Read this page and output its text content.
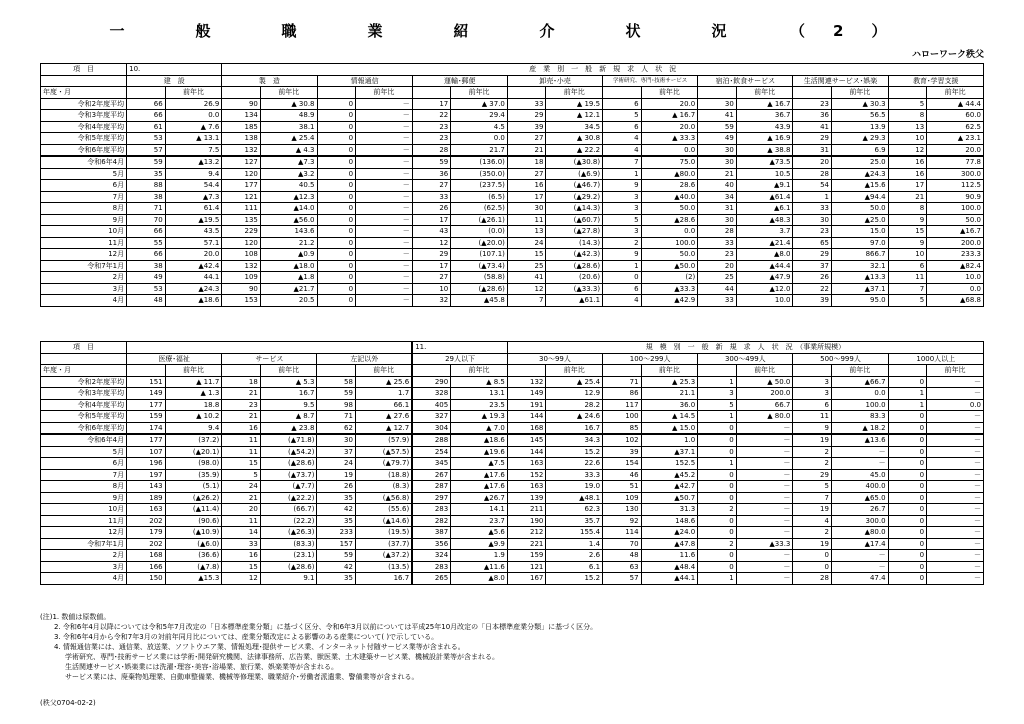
一　般　職　業　紹　介　状　況　（2）
ハローワーク秩父
項　目	10.		産　業　別　一　般　新　規　求　人　状　況															
	建　設		製　造		情報通信		運輸･郵便		卸売･小売		学術研究、専門･技術サービス		宿泊･飲食サービス		生活関連サービス･娯楽		教育･学習支援	
年度・月		前年比		前年比		前年比		前年比		前年比		前年比		前年比		前年比		前年比
令和2年度平均	66	26.9	90	▲ 30.8	0	－	17	▲ 37.0	33	▲ 19.5	6	20.0	30	▲ 16.7	23	▲ 30.3	5	▲ 44.4
令和3年度平均	66	0.0	134	48.9	0	－	22	29.4	29	▲ 12.1	5	▲ 16.7	41	36.7	36	56.5	8	60.0
令和4年度平均	61	▲ 7.6	185	38.1	0	－	23	4.5	39	34.5	6	20.0	59	43.9	41	13.9	13	62.5
令和5年度平均	53	▲ 13.1	138	▲ 25.4	0	－	23	0.0	27	▲ 30.8	4	▲ 33.3	49	▲ 16.9	29	▲ 29.3	10	▲ 23.1
令和6年度平均	57	7.5	132	▲ 4.3	0	－	28	21.7	21	▲ 22.2	4	0.0	30	▲ 38.8	31	6.9	12	20.0
令和6年4月	59	▲13.2	127	▲7.3	0	－	59	(136.0)	18	(▲30.8)	7	75.0	30	▲73.5	20	25.0	16	77.8
5月	35	9.4	120	▲3.2	0	－	36	(350.0)	27	(▲6.9)	1	▲80.0	21	10.5	28	▲24.3	16	300.0
6月	88	54.4	177	40.5	0	－	27	(237.5)	16	(▲46.7)	9	28.6	40	▲9.1	54	▲15.6	17	112.5
7月	38	▲7.3	121	▲12.3	0	－	33	(6.5)	17	(▲29.2)	3	▲40.0	34	▲61.4	1	▲94.4	21	90.9
8月	71	61.4	111	▲14.0	0	－	26	(62.5)	30	(▲14.3)	3	50.0	31	▲6.1	33	50.0	8	100.0
9月	70	▲19.5	135	▲56.0	0	－	17	(▲26.1)	11	(▲60.7)	5	▲28.6	30	▲48.3	30	▲25.0	9	50.0
10月	66	43.5	229	143.6	0	－	43	(0.0)	13	(▲27.8)	3	0.0	28	3.7	23	15.0	15	▲16.7
11月	55	57.1	120	21.2	0	－	12	(▲20.0)	24	(14.3)	2	100.0	33	▲21.4	65	97.0	9	200.0
12月	66	20.0	108	▲0.9	0	－	29	(107.1)	15	(▲42.3)	9	50.0	23	▲8.0	29	866.7	10	233.3
令和7年1月	38	▲42.4	132	▲18.0	0	－	17	(▲73.4)	25	(▲28.6)	1	▲50.0	20	▲44.4	37	32.1	6	▲82.4
2月	49	44.1	109	▲1.8	0	－	27	(58.8)	41	(20.6)	0	(2)	25	▲47.9	26	▲13.3	11	10.0
3月	53	▲24.3	90	▲21.7	0	－	10	(▲28.6)	12	(▲33.3)	6	▲33.3	44	▲12.0	22	▲37.1	7	0.0
4月	48	▲18.6	153	20.5	0	－	32	▲45.8	7	▲61.1	4	▲42.9	33	10.0	39	95.0	5	▲68.8
項　目							11.		規　模　別　一　般　新　規　求　人　状　況　（事業所規模）									
	医療･福祉		サービス		左記以外		29人以下		30～99人		100～299人		300～499人		500～999人		1000人以上	
年度・月		前年比		前年比		前年比		前年比		前年比		前年比		前年比		前年比		前年比
令和2年度平均	151	▲ 11.7	18	▲ 5.3	58	▲ 25.6	290	▲ 8.5	132	▲ 25.4	71	▲ 25.3	1	▲ 50.0	3	▲66.7	0	－
令和3年度平均	149	▲ 1.3	21	16.7	59	1.7	328	13.1	149	12.9	86	21.1	3	200.0	3	0.0	1	－
令和4年度平均	177	18.8	23	9.5	98	66.1	405	23.5	191	28.2	117	36.0	5	66.7	6	100.0	1	0.0
令和5年度平均	159	▲ 10.2	21	▲ 8.7	71	▲ 27.6	327	▲ 19.3	144	▲ 24.6	100	▲ 14.5	1	▲ 80.0	11	83.3	0	－
令和6年度平均	174	9.4	16	▲ 23.8	62	▲ 12.7	304	▲ 7.0	168	16.7	85	▲ 15.0	0	－	9	▲ 18.2	0	－
令和6年4月	177	(37.2)	11	(▲71.8)	30	(57.9)	288	▲18.6	145	34.3	102	1.0	0	－	19	▲13.6	0	－
5月	107	(▲20.1)	11	(▲54.2)	37	(▲57.5)	254	▲19.6	144	15.2	39	▲37.1	0	－	2	－	0	－
6月	196	(98.0)	15	(▲28.6)	24	(▲79.7)	345	▲7.5	163	22.6	154	152.5	1	－	2	－	0	－
7月	197	(35.9)	5	(▲73.7)	19	(18.8)	267	▲17.6	152	33.3	46	▲45.2	0	－	29	45.0	0	－
8月	143	(5.1)	24	(▲7.7)	26	(8.3)	287	▲17.6	163	19.0	51	▲42.7	0	－	5	400.0	0	－
9月	189	(▲26.2)	21	(▲22.2)	35	(▲56.8)	297	▲26.7	139	▲48.1	109	▲50.7	0	－	7	▲65.0	0	－
10月	163	(▲11.4)	20	(66.7)	42	(55.6)	283	14.1	211	62.3	130	31.3	2	－	19	26.7	0	－
11月	202	(90.6)	11	(22.2)	35	(▲14.6)	282	23.7	190	35.7	92	148.6	0	－	4	300.0	0	－
12月	179	(▲10.9)	14	(▲26.3)	233	(19.5)	387	▲5.6	212	155.4	114	▲24.0	0	－	2	▲80.0	0	－
令和7年1月	202	(▲6.0)	33	(83.3)	157	(37.7)	356	▲9.9	221	1.4	70	▲47.8	2	▲33.3	19	▲17.4	0	－
2月	168	(36.6)	16	(23.1)	59	(▲37.2)	324	1.9	159	2.6	48	11.6	0	－	0	－	0	－
3月	166	(▲7.8)	15	(▲28.6)	42	(13.5)	283	▲11.6	121	6.1	63	▲48.4	0	－	0	－	0	－
4月	150	▲15.3	12	9.1	35	16.7	265	▲8.0	167	15.2	57	▲44.1	1	－	28	47.4	0	－
(注)1. 数値は原数値。
2. 令和6年4月以降については令和5年7月改定の「日本標準産業分類」に基づく区分、令和6年3月以前については平成25年10月改定の「日本標準産業分類」に基づく区分。
3. 令和6年4月から令和7年3月の対前年同月比については、産業分類改定による影響のある産業について( )で示している。
4. 情報通信業には、通信業、放送業、ソフトウエア業、情報処理･提供サービス業、インターネット付随サービス業等が含まれる。
学術研究、専門･技術サービス業には学術･開発研究機関、法律事務所、広告業、獣医業、土木建築サービス業、機械設計業等が含まれる。
生活関連サービス･娯楽業には洗濯･理容･美容･浴場業、旅行業、娯楽業等が含まれる。
サービス業には、廃棄物処理業、自動車整備業、機械等修理業、職業紹介･労働者派遣業、警備業等が含まれる。
(秩父0704-02-2)
